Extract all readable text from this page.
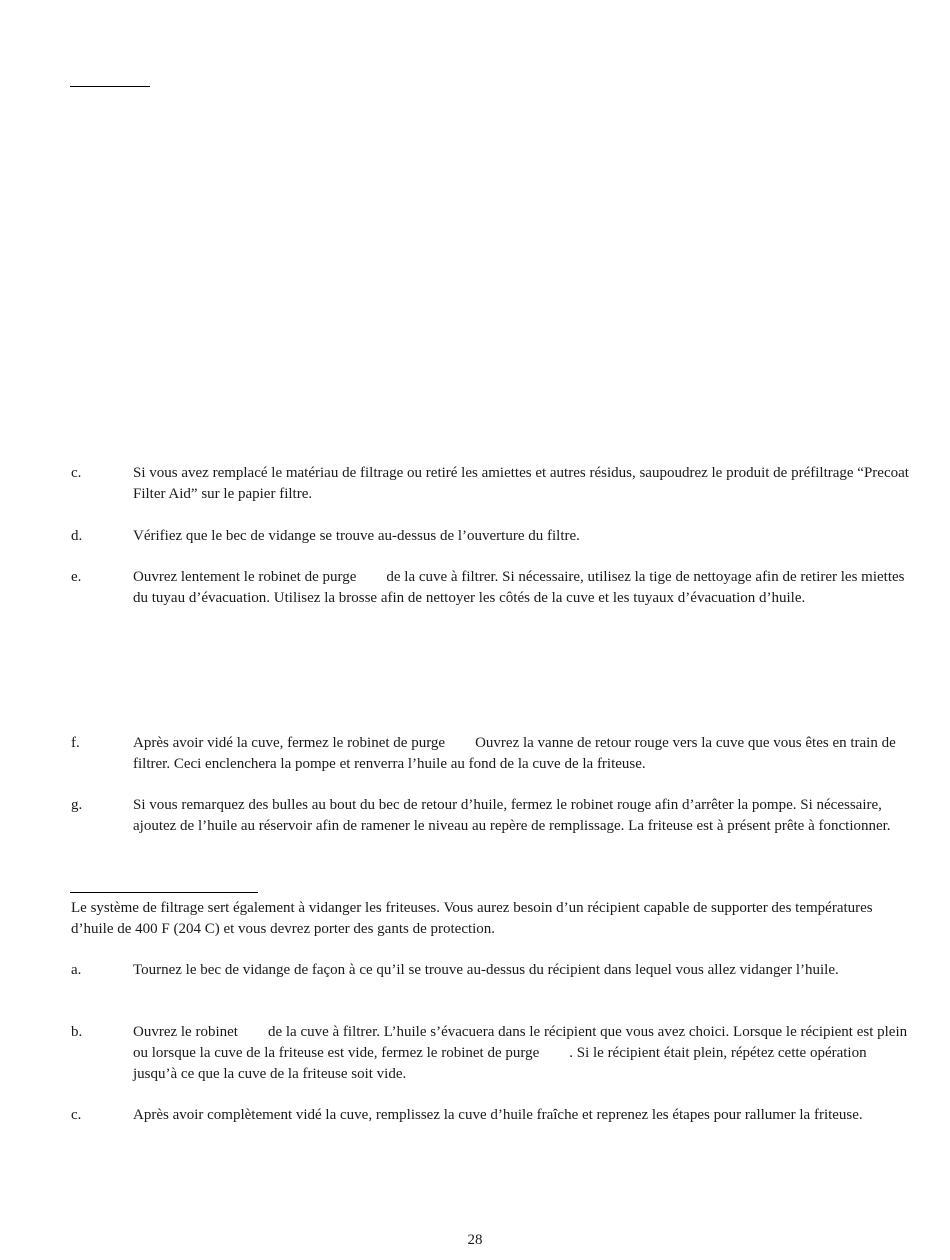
c.	Si vous avez remplacé le matériau de filtrage ou retiré les amiettes et autres résidus, saupoudrez le produit de préfiltrage “Precoat Filter Aid” sur le papier filtre.
d.	Vérifiez que le bec de vidange se trouve au-dessus de l’ouverture du filtre.
e.	Ouvrez lentement le robinet de purge        de la cuve à filtrer. Si nécessaire, utilisez la tige de nettoyage afin de retirer les miettes du tuyau d’évacuation. Utilisez la brosse afin de nettoyer les côtés de la cuve et les tuyaux d’évacuation d’huile.
f.	Après avoir vidé la cuve, fermez le robinet de purge        Ouvrez la vanne de retour rouge vers la cuve que vous êtes en train de filtrer. Ceci enclenchera la pompe et renverra l’huile au fond de la cuve de la friteuse.
g.	Si vous remarquez des bulles au bout du bec de retour d’huile, fermez le robinet rouge afin d’arrêter la pompe. Si nécessaire, ajoutez de l’huile au réservoir afin de ramener le niveau au repère de remplissage. La friteuse est à présent prête à fonctionner.
Le système de filtrage sert également à vidanger les friteuses. Vous aurez besoin d’un récipient capable de supporter des températures d’huile de 400 F (204 C) et vous devrez porter des gants de protection.
a.	Tournez le bec de vidange de façon à ce qu’il se trouve au-dessus du récipient dans lequel vous allez vidanger l’huile.
b.	Ouvrez le robinet        de la cuve à filtrer. L’huile s’évacuera dans le récipient que vous avez choici. Lorsque le récipient est plein ou lorsque la cuve de la friteuse est vide, fermez le robinet de purge        . Si le récipient était plein, répétez cette opération jusqu’à ce que la cuve de la friteuse soit vide.
c.	Après avoir complètement vidé la cuve, remplissez la cuve d’huile fraîche et reprenez les étapes pour rallumer la friteuse.
28
